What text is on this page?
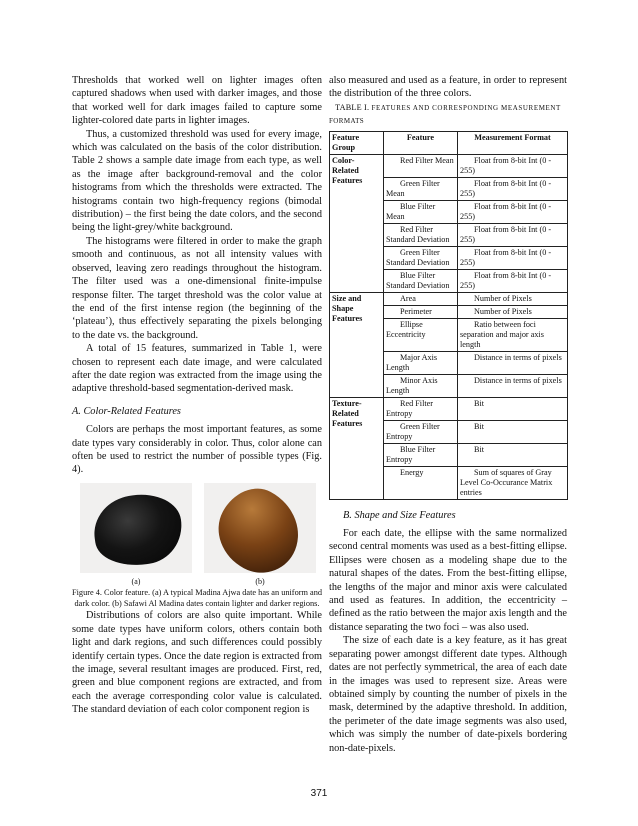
Thresholds that worked well on lighter images often captured shadows when used with darker images, and those that worked well for dark images failed to capture some lighter-colored date parts in lighter images.

Thus, a customized threshold was used for every image, which was calculated on the basis of the color distribution. Table 2 shows a sample date image from each type, as well as the image after background-removal and the color histograms from which the thresholds were extracted. The histograms contain two high-frequency regions (bimodal distribution) – the first being the date colors, and the second being the light-grey/white background.

The histograms were filtered in order to make the graph smooth and continuous, as not all intensity values with observed, leaving zero readings throughout the histogram. The filter used was a one-dimensional finite-impulse response filter. The target threshold was the color value at the end of the first intense region (the beginning of the ‘plateau’), thus effectively separating the pixels belonging to the date vs. the background.

A total of 15 features, summarized in Table 1, were chosen to represent each date image, and were calculated after the date region was extracted from the image using the adaptive threshold-based segmentation-derived mask.

A. Color-Related Features

Colors are perhaps the most important features, as some date types vary considerably in color. Thus, color alone can often be used to restrict the number of possible types (Fig. 4).

(a)	(b)

Figure 4. Color feature. (a) A typical Madina Ajwa date has an uniform and dark color. (b) Safawi Al Madina dates contain lighter and darker regions.

Distributions of colors are also quite important. While some date types have uniform colors, others contain both light and dark regions, and such differences could possibly identify certain types. Once the date region is extracted from the image, several resultant images are produced. First, red, green and blue component regions are extracted, and from each the average corresponding color value is calculated. The standard deviation of each color component region is

also measured and used as a feature, in order to represent the distribution of the three colors.

TABLE I. FEATURES AND CORRESPONDING MEASUREMENT
FORMATS
Feature Group	Feature	Measurement Format
Color-Related Features	Red Filter Mean	Float from 8-bit Int (0 - 255)
	Green Filter Mean	Float from 8-bit Int (0 - 255)
	Blue Filter Mean	Float from 8-bit Int (0 - 255)
	Red Filter Standard Deviation	Float from 8-bit Int (0 - 255)
	Green Filter Standard Deviation	Float from 8-bit Int (0 - 255)
	Blue Filter Standard Deviation	Float from 8-bit Int (0 - 255)
Size and Shape Features	Area	Number of Pixels
	Perimeter	Number of Pixels
	Ellipse Eccentricity	Ratio between foci separation and major axis length
	Major Axis Length	Distance in terms of pixels
	Minor Axis Length	Distance in terms of pixels
Texture-Related Features	Red Filter Entropy	Bit
	Green Filter Entropy	Bit
	Blue Filter Entropy	Bit
	Energy	Sum of squares of Gray Level Co-Occurance Matrix entries

B. Shape and Size Features

For each date, the ellipse with the same normalized second central moments was used as a best-fitting ellipse. Ellipses were chosen as a modeling shape due to the natural shapes of the dates. From the best-fitting ellipse, the lengths of the major and minor axis were calculated and used as features. In addition, the eccentricity – defined as the ratio between the major axis length and the distance separating the two foci – was also used.

The size of each date is a key feature, as it has great separating power amongst different date types. Although dates are not perfectly symmetrical, the area of each date in the images was used to represent size. Areas were obtained simply by counting the number of pixels in the mask, determined by the adaptive threshold. In addition, the perimeter of the date image segments was also used, which was simply the number of date-pixels bordering non-date-pixels.

371
